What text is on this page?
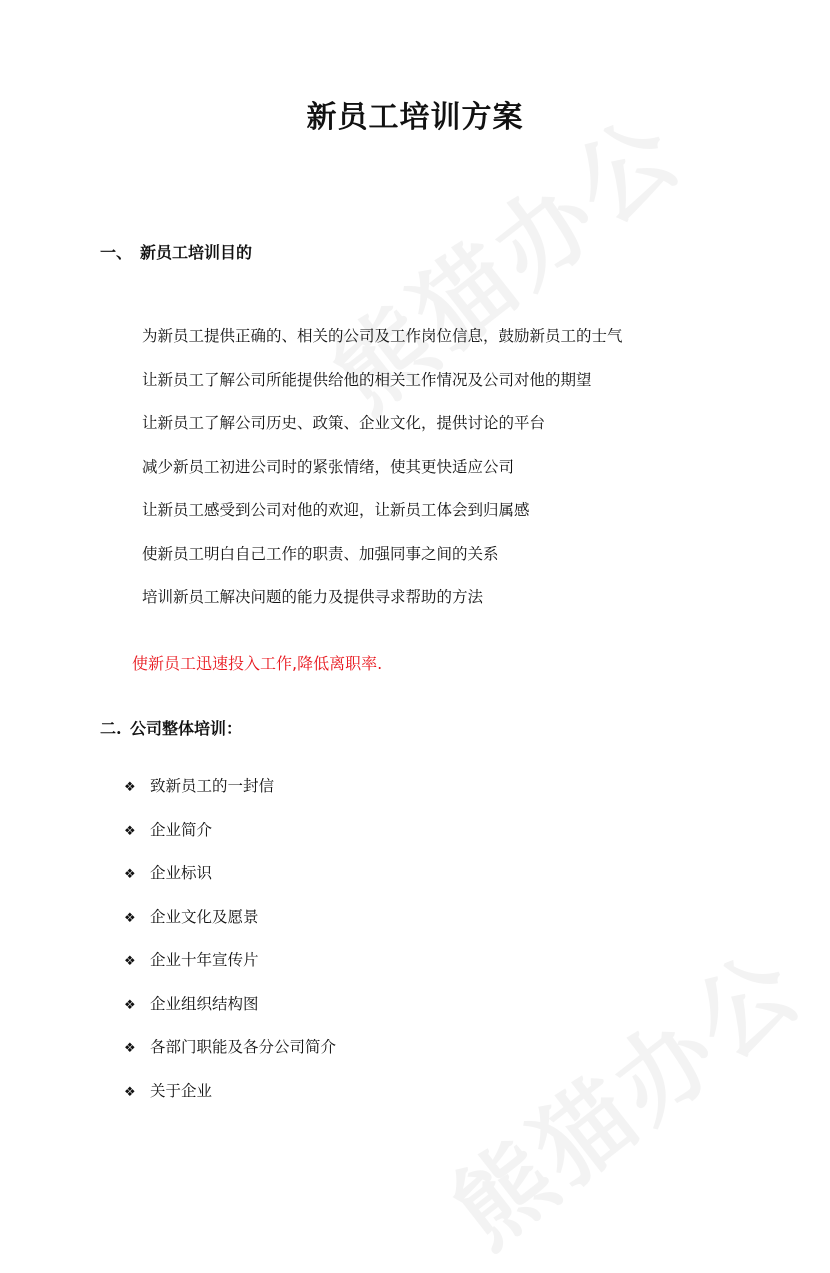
新员工培训方案
一、 新员工培训目的
为新员工提供正确的、相关的公司及工作岗位信息，鼓励新员工的士气
让新员工了解公司所能提供给他的相关工作情况及公司对他的期望
让新员工了解公司历史、政策、企业文化，提供讨论的平台
减少新员工初进公司时的紧张情绪，使其更快适应公司
让新员工感受到公司对他的欢迎，让新员工体会到归属感
使新员工明白自己工作的职责、加强同事之间的关系
培训新员工解决问题的能力及提供寻求帮助的方法

使新员工迅速投入工作,降低离职率.

二. 公司整体培训：
❖ 致新员工的一封信
❖ 企业简介
❖ 企业标识
❖ 企业文化及愿景
❖ 企业十年宣传片
❖ 企业组织结构图
❖ 各部门职能及各分公司简介
❖ 关于企业
